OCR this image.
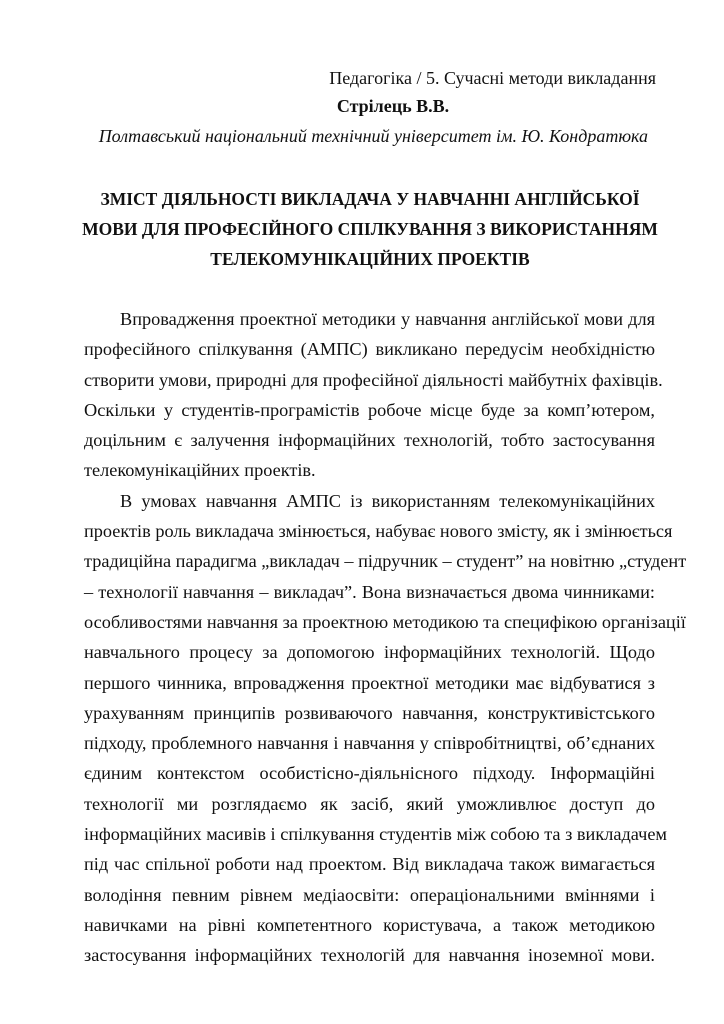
Педагогіка / 5. Сучасні методи викладання
Стрілець В.В.
Полтавський національний технічний університет ім. Ю. Кондратюка
ЗМІСТ ДІЯЛЬНОСТІ ВИКЛАДАЧА У НАВЧАННІ АНГЛІЙСЬКОЇ
МОВИ ДЛЯ ПРОФЕСІЙНОГО СПІЛКУВАННЯ З ВИКОРИСТАННЯМ
ТЕЛЕКОМУНІКАЦІЙНИХ ПРОЕКТІВ
Впровадження проектної методики у навчання англійської мови для
професійного спілкування (АМПС) викликано передусім необхідністю
створити умови, природні для професійної діяльності майбутніх фахівців.
Оскільки у студентів-програмістів робоче місце буде за комп’ютером,
доцільним є залучення інформаційних технологій, тобто застосування
телекомунікаційних проектів.
В умовах навчання АМПС із використанням телекомунікаційних
проектів роль викладача змінюється, набуває нового змісту, як і змінюється
традиційна парадигма „викладач – підручник – студент” на новітню „студент
– технології навчання – викладач”. Вона визначається двома чинниками:
особливостями навчання за проектною методикою та специфікою організації
навчального процесу за допомогою інформаційних технологій. Щодо
першого чинника, впровадження проектної методики має відбуватися з
урахуванням принципів розвиваючого навчання, конструктивістського
підходу, проблемного навчання і навчання у співробітництві, об’єднаних
єдиним контекстом особистісно-діяльнісного підходу. Інформаційні
технології ми розглядаємо як засіб, який уможливлює доступ до
інформаційних масивів і спілкування студентів між собою та з викладачем
під час спільної роботи над проектом. Від викладача також вимагається
володіння певним рівнем медіаосвіти: операціональними вміннями і
навичками на рівні компетентного користувача, а також методикою
застосування інформаційних технологій для навчання іноземної мови.
